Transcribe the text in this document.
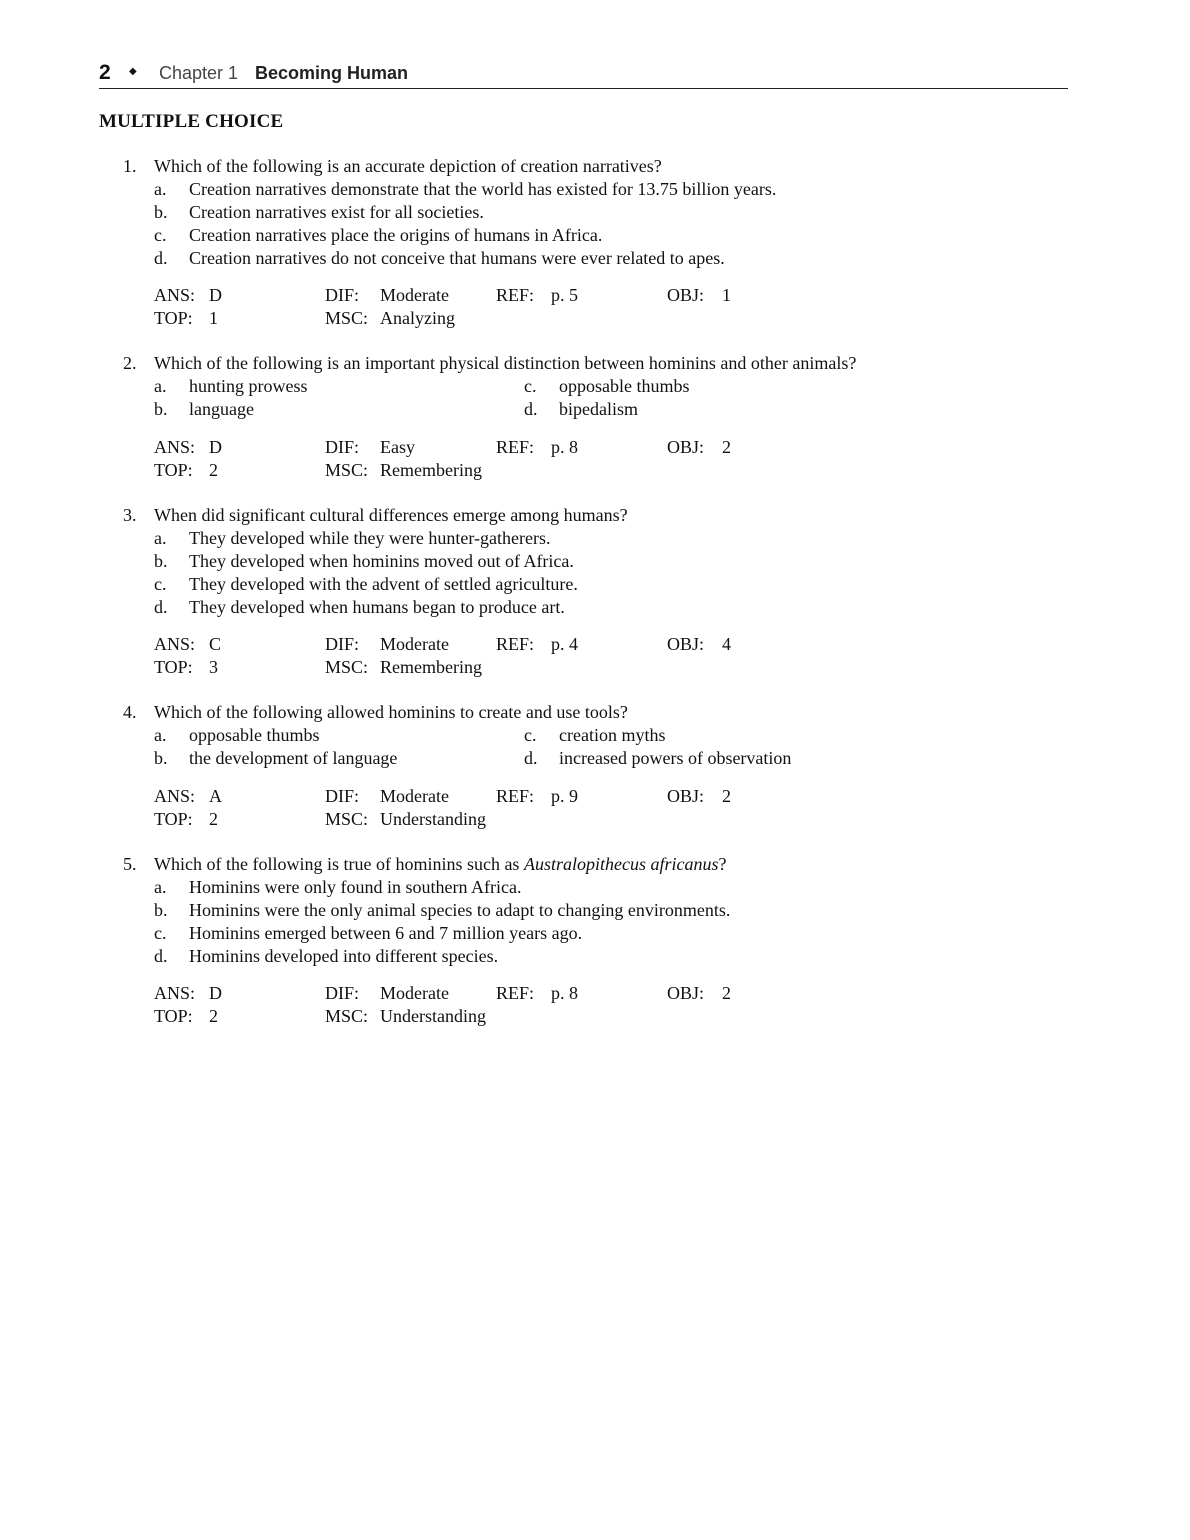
2 ◆ Chapter 1 Becoming Human
MULTIPLE CHOICE
1. Which of the following is an accurate depiction of creation narratives?
a. Creation narratives demonstrate that the world has existed for 13.75 billion years.
b. Creation narratives exist for all societies.
c. Creation narratives place the origins of humans in Africa.
d. Creation narratives do not conceive that humans were ever related to apes.
ANS: D	DIF: Moderate	REF: p. 5	OBJ: 1
TOP: 1	MSC: Analyzing
2. Which of the following is an important physical distinction between hominins and other animals?
a. hunting prowess	c. opposable thumbs
b. language	d. bipedalism
ANS: D	DIF: Easy	REF: p. 8	OBJ: 2
TOP: 2	MSC: Remembering
3. When did significant cultural differences emerge among humans?
a. They developed while they were hunter-gatherers.
b. They developed when hominins moved out of Africa.
c. They developed with the advent of settled agriculture.
d. They developed when humans began to produce art.
ANS: C	DIF: Moderate	REF: p. 4	OBJ: 4
TOP: 3	MSC: Remembering
4. Which of the following allowed hominins to create and use tools?
a. opposable thumbs	c. creation myths
b. the development of language	d. increased powers of observation
ANS: A	DIF: Moderate	REF: p. 9	OBJ: 2
TOP: 2	MSC: Understanding
5. Which of the following is true of hominins such as Australopithecus africanus?
a. Hominins were only found in southern Africa.
b. Hominins were the only animal species to adapt to changing environments.
c. Hominins emerged between 6 and 7 million years ago.
d. Hominins developed into different species.
ANS: D	DIF: Moderate	REF: p. 8	OBJ: 2
TOP: 2	MSC: Understanding
